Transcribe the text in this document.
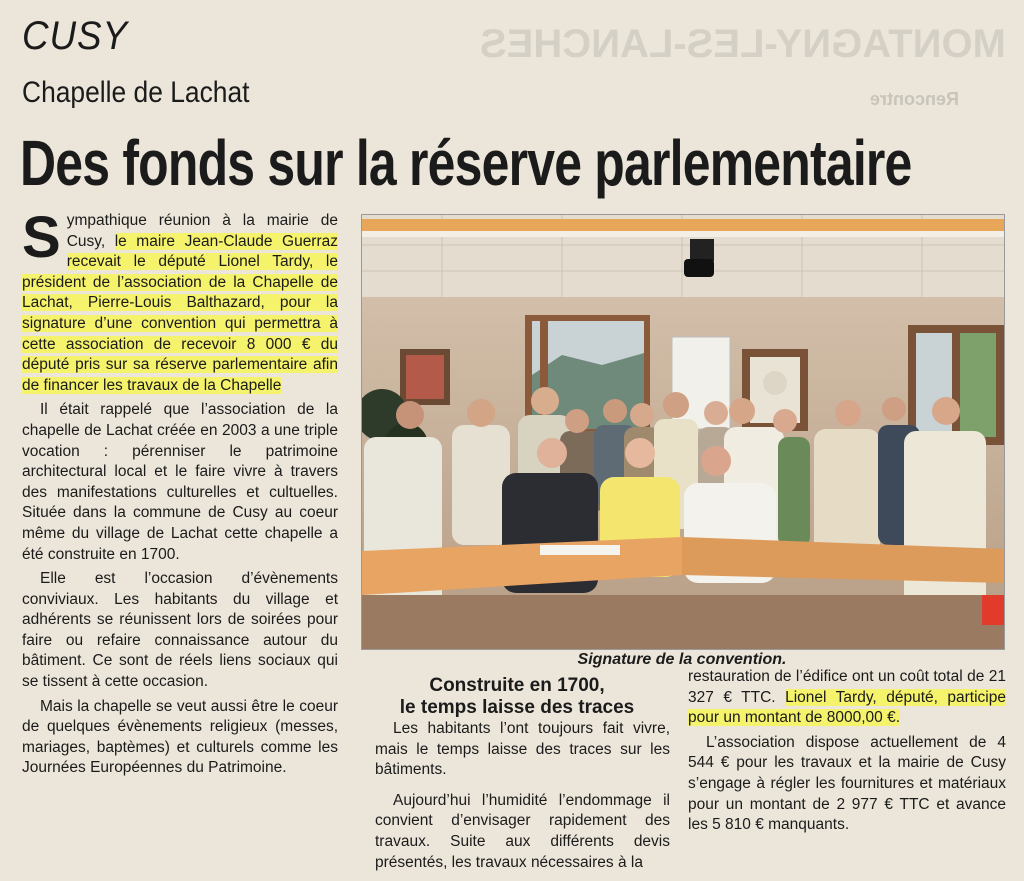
MONTAGNY-LES-LANCHES
Rencontre
CUSY
Chapelle de Lachat
Des fonds sur la réserve parlementaire

Sympathique réunion à la mairie de Cusy, le maire Jean-Claude Guerraz recevait le député Lionel Tardy, le président de l’association de la Chapelle de Lachat, Pierre-Louis Balthazard, pour la signature d’une convention qui permettra à cette association de recevoir 8 000 € du député pris sur sa réserve parlementaire afin de financer les travaux de la Chapelle

Il était rappelé que l’association de la chapelle de Lachat créée en 2003 a une triple vocation : pérenniser le patrimoine architectural local et le faire vivre à travers des manifestations culturelles et cultuelles. Située dans la commune de Cusy au coeur même du village de Lachat cette chapelle a été construite en 1700.

Elle est l’occasion d’évènements conviviaux. Les habitants du village et adhérents se réunissent lors de soirées pour faire ou refaire connaissance autour du bâtiment. Ce sont de réels liens sociaux qui se tissent à cette occasion.

Mais la chapelle se veut aussi être le coeur de quelques évènements religieux (messes, mariages, baptèmes) et culturels comme les Journées Européennes du Patrimoine.

Signature de la convention.
Construite en 1700,
le temps laisse des traces

Les habitants l’ont toujours fait vivre, mais le temps laisse des traces sur les bâtiments.

Aujourd’hui l’humidité l’endommage il convient d’envisager rapidement des travaux. Suite aux différents devis présentés, les travaux nécessaires à la

restauration de l’édifice ont un coût total de 21 327 € TTC. Lionel Tardy, député, participe pour un montant de 8000,00 €.

L’association dispose actuellement de 4 544 € pour les travaux et la mairie de Cusy s’engage à régler les fournitures et matériaux pour un montant de 2 977 € TTC et avance les 5 810 € manquants.
